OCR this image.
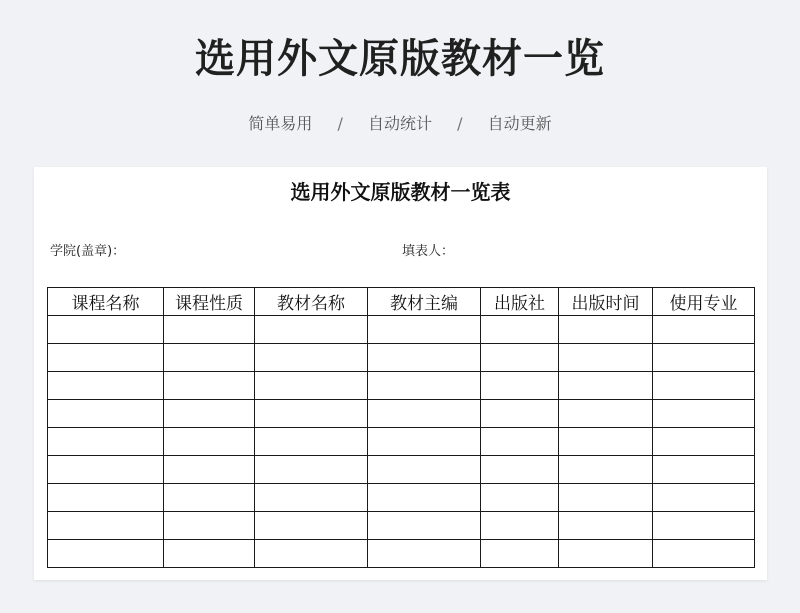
选用外文原版教材一览
简单易用 / 自动统计 / 自动更新
选用外文原版教材一览表
学院(盖章)：	填表人：
课程名称	课程性质	教材名称	教材主编	出版社	出版时间	使用专业
